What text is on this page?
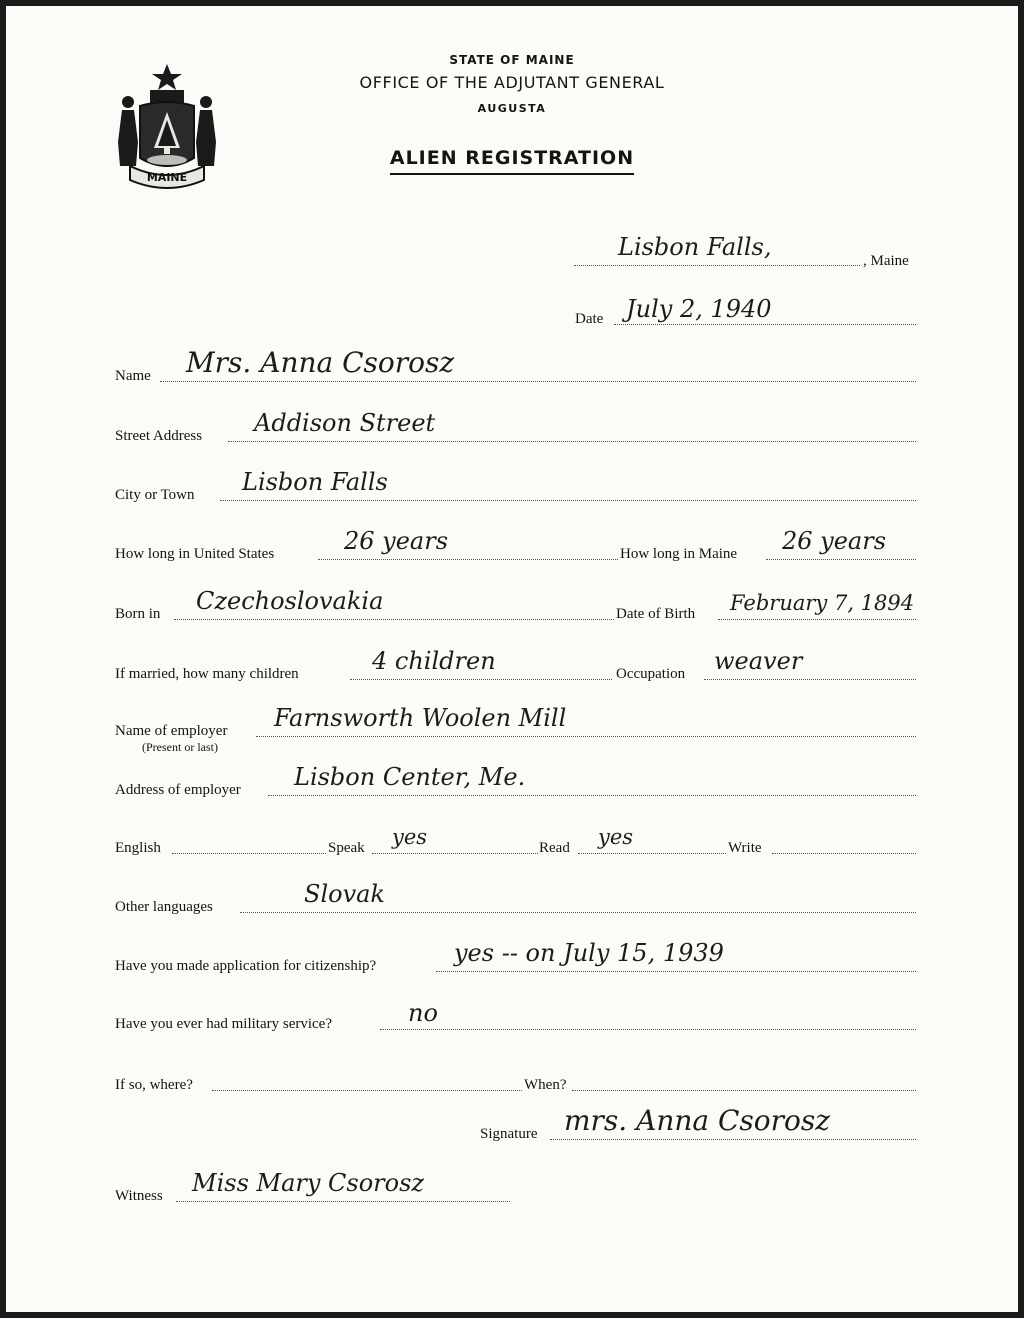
MAINE
STATE OF MAINE
OFFICE OF THE ADJUTANT GENERAL
AUGUSTA
ALIEN REGISTRATION
, Maine
Lisbon Falls,
Date July 2, 1940
Name Mrs. Anna Csorosz
Street Address Addison Street
City or Town Lisbon Falls
How long in United States	26 years	How long in Maine 26 years
Born in Czechoslovakia	Date of Birth February 7, 1894
If married, how many children	4 children	Occupation weaver
Name of employer
(Present or last)
Farnsworth Woolen Mill
Address of employer Lisbon Center, Me.
English	Speak yes	Read yes	Write
Other languages	Slovak
Have you made application for citizenship?	yes -- on July 15, 1939
Have you ever had military service?	no
If so, where?	When?
Signature mrs. Anna Csorosz
Witness Miss Mary Csorosz
